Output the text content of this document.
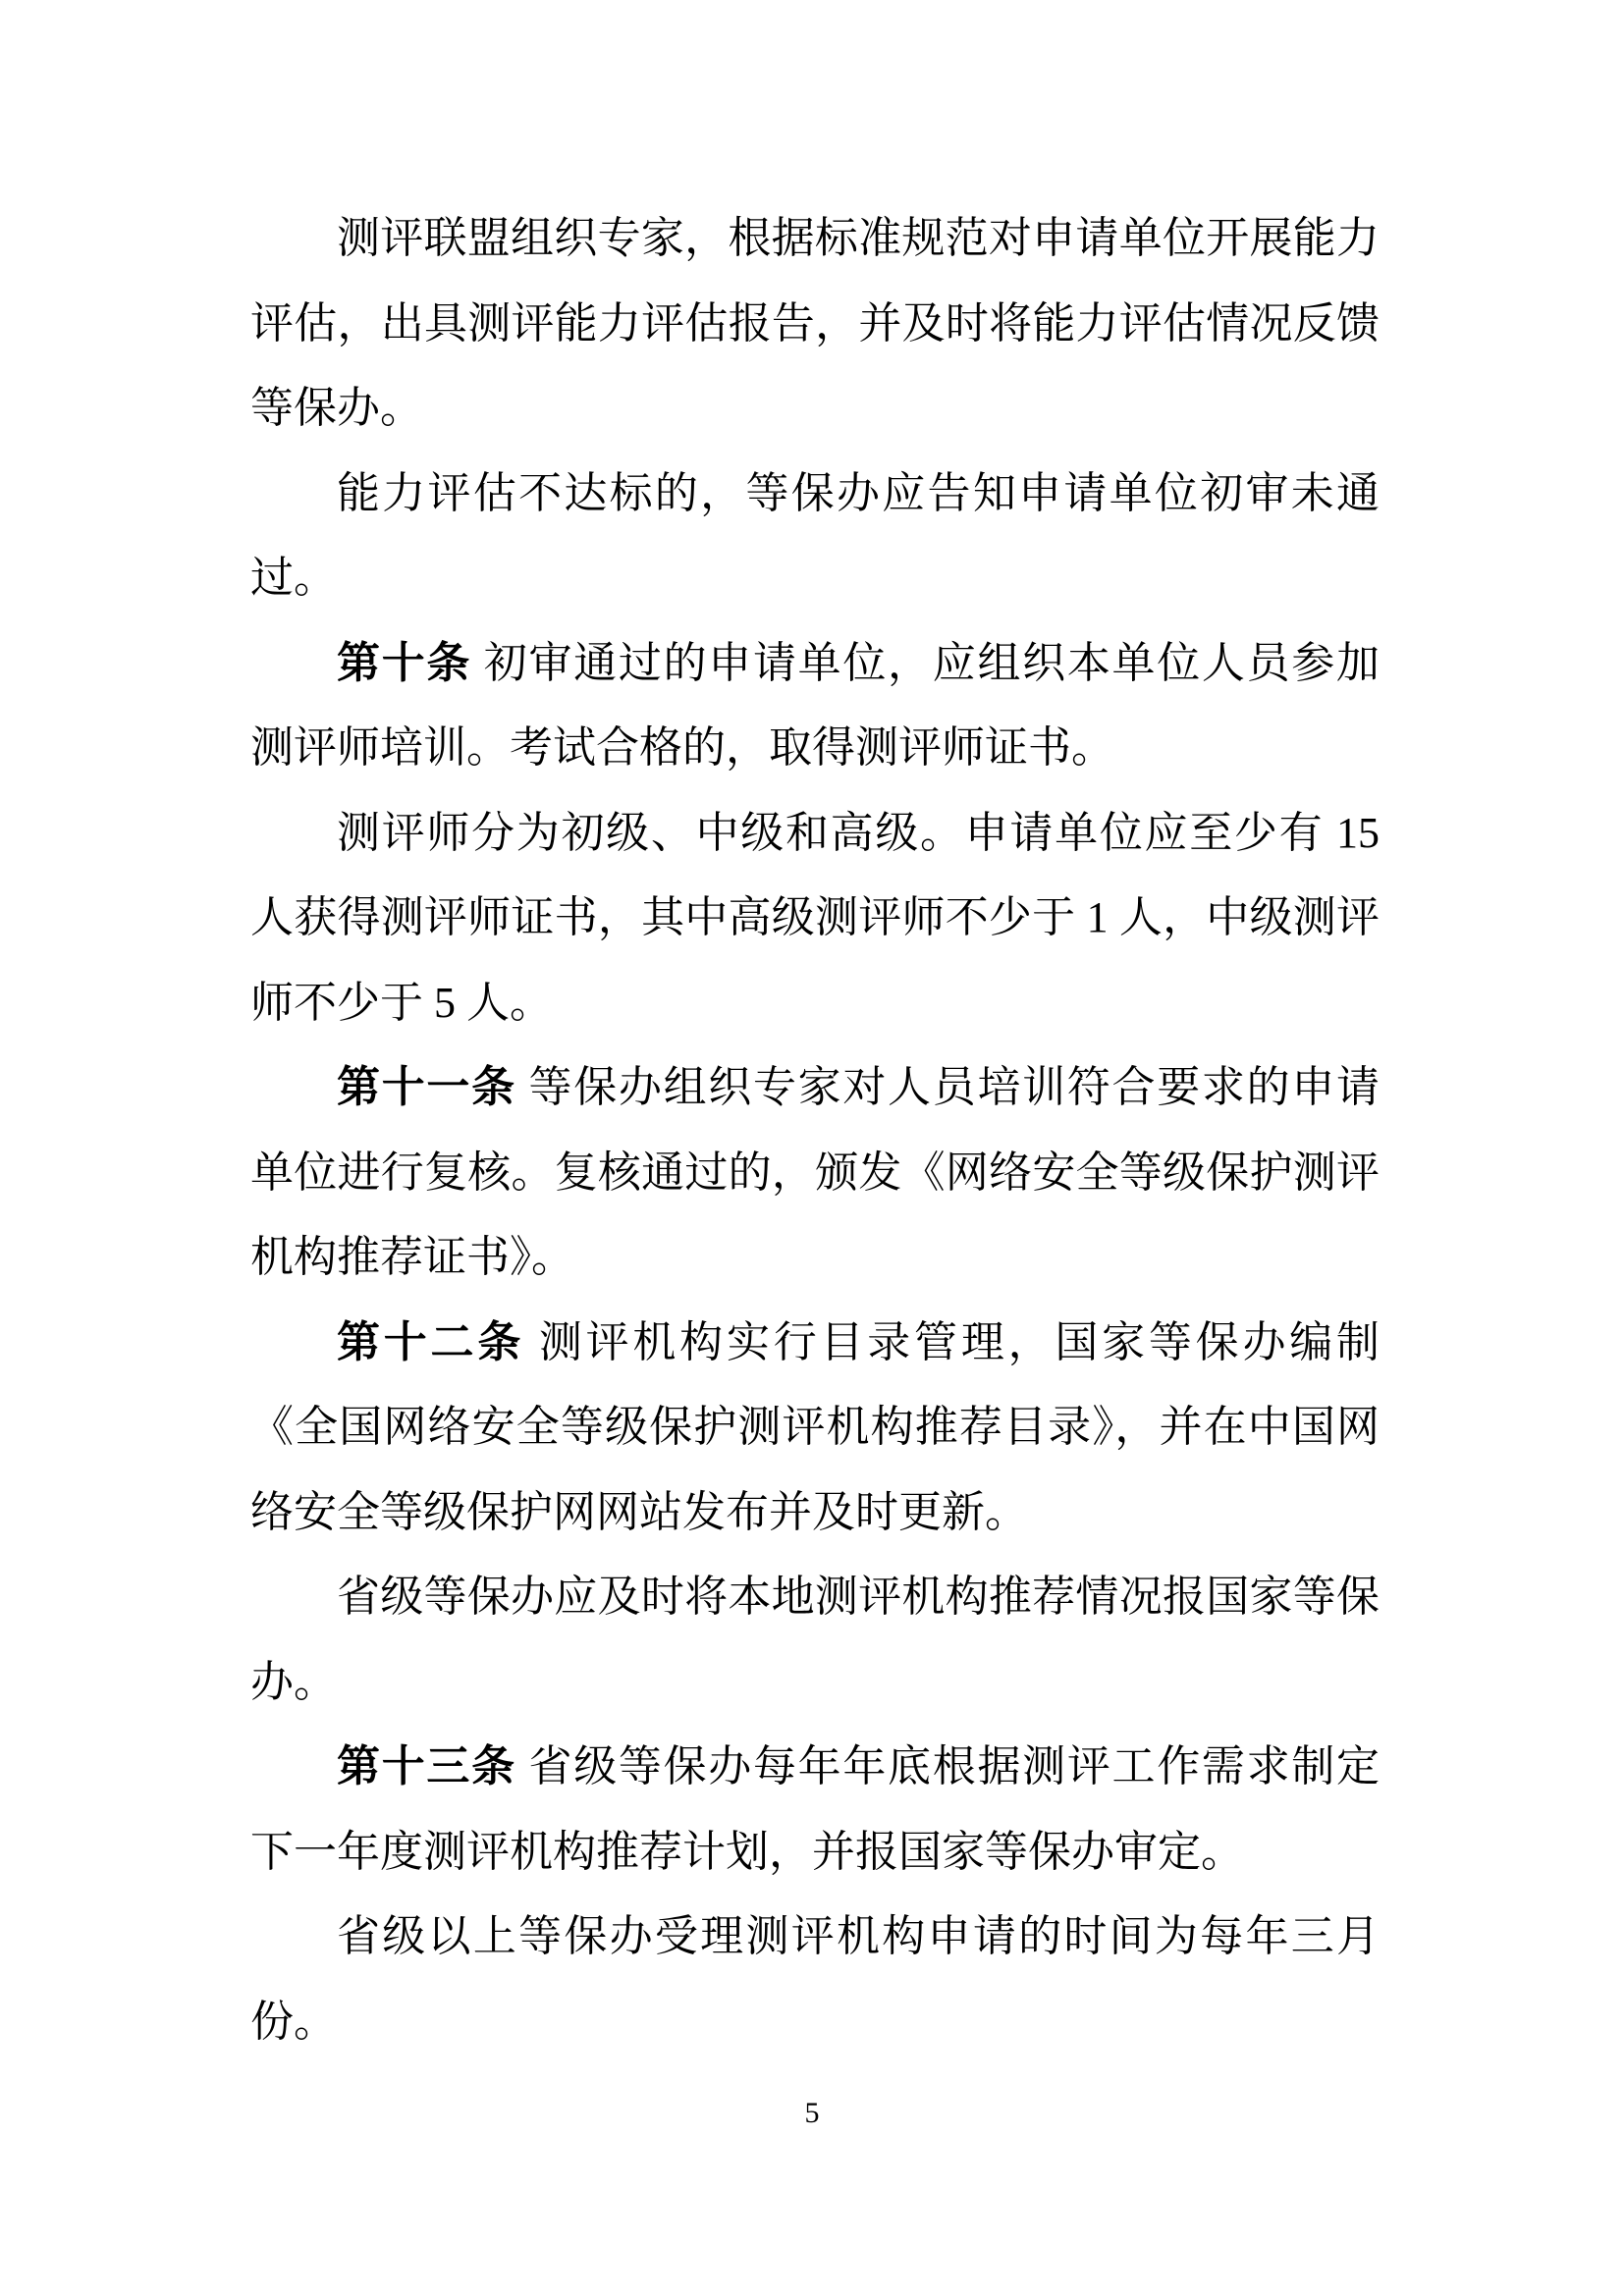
测评联盟组织专家，根据标准规范对申请单位开展能力评估，出具测评能力评估报告，并及时将能力评估情况反馈等保办。

能力评估不达标的，等保办应告知申请单位初审未通过。

第十条 初审通过的申请单位，应组织本单位人员参加测评师培训。考试合格的，取得测评师证书。

测评师分为初级、中级和高级。申请单位应至少有 15 人获得测评师证书，其中高级测评师不少于 1 人，中级测评师不少于 5 人。

第十一条 等保办组织专家对人员培训符合要求的申请单位进行复核。复核通过的，颁发《网络安全等级保护测评机构推荐证书》。

第十二条 测评机构实行目录管理，国家等保办编制《全国网络安全等级保护测评机构推荐目录》，并在中国网络安全等级保护网网站发布并及时更新。

省级等保办应及时将本地测评机构推荐情况报国家等保办。

第十三条 省级等保办每年年底根据测评工作需求制定下一年度测评机构推荐计划，并报国家等保办审定。

省级以上等保办受理测评机构申请的时间为每年三月份。

5
